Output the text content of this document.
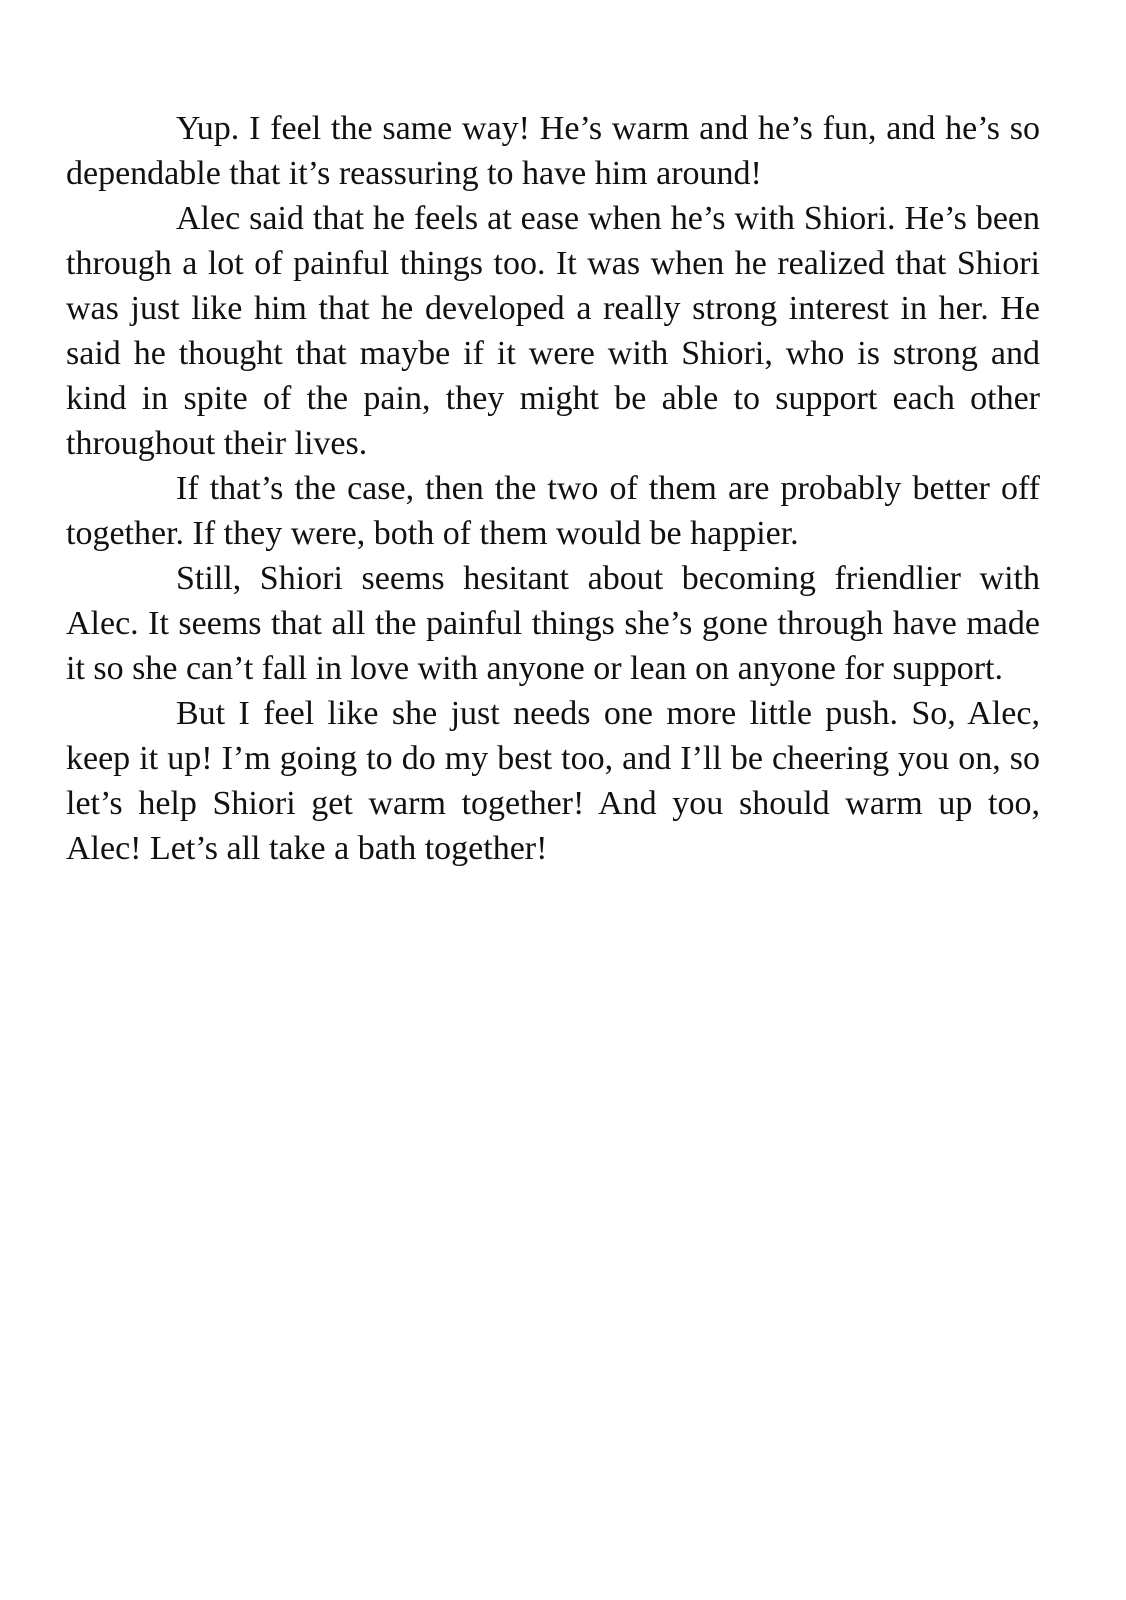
Yup. I feel the same way! He’s warm and he’s fun, and he’s so dependable that it’s reassuring to have him around!

Alec said that he feels at ease when he’s with Shiori. He’s been through a lot of painful things too. It was when he realized that Shiori was just like him that he developed a really strong interest in her. He said he thought that maybe if it were with Shiori, who is strong and kind in spite of the pain, they might be able to support each other throughout their lives.

If that’s the case, then the two of them are probably better off together. If they were, both of them would be happier.

Still, Shiori seems hesitant about becoming friendlier with Alec. It seems that all the painful things she’s gone through have made it so she can’t fall in love with anyone or lean on anyone for support.

But I feel like she just needs one more little push. So, Alec, keep it up! I’m going to do my best too, and I’ll be cheering you on, so let’s help Shiori get warm together! And you should warm up too, Alec! Let’s all take a bath together!
